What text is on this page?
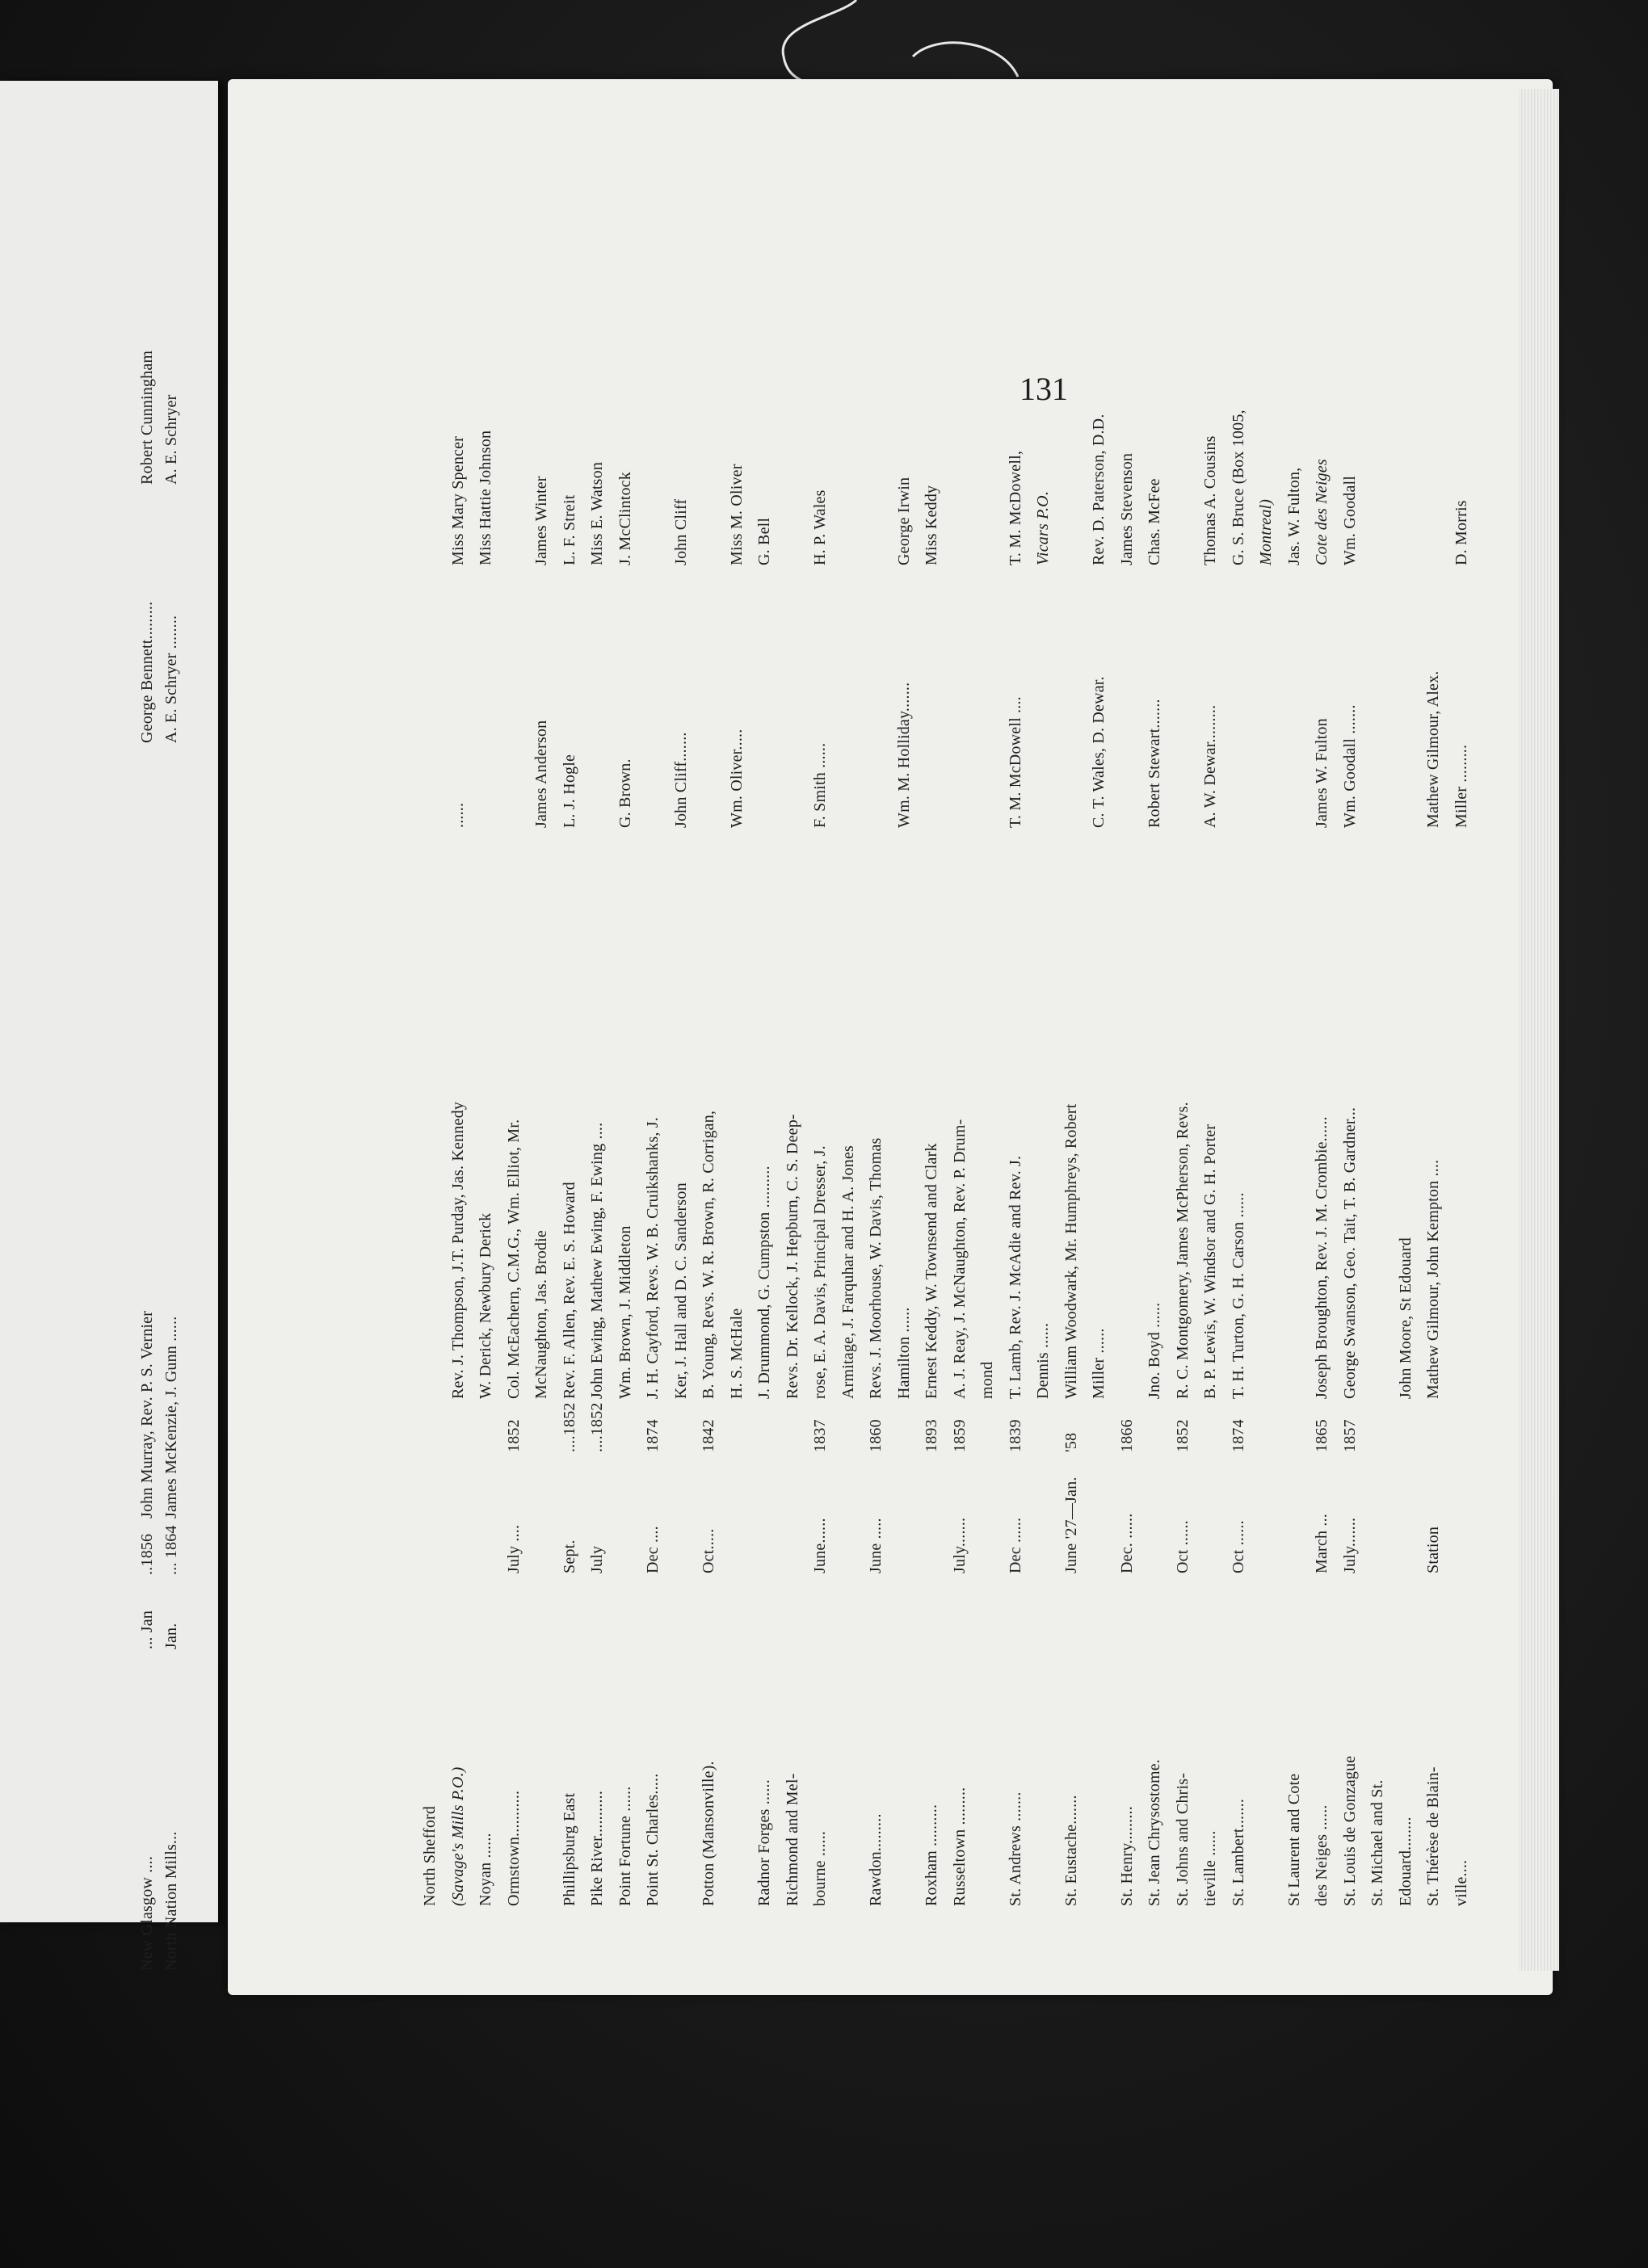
New Glasgow ....
... Jan
..1856
John Murray, Rev. P. S. Vernier
George Bennett.........
Robert Cunningham
North Nation Mills...
Jan.
... 1864
James McKenzie, J. Gunn ......
A. E. Schryer ........
A. E. Schryer
131
North Shefford (Savage's Mills P.O.)
Rev. J. Thompson, J.T. Purday, Jas. Kennedy
......
Miss Mary Spencer
Noyan ......
W. Derick, Newbury Derick
Miss Hattie Johnson
Ormstown...........
July ....
1852
Col. McEachern, C.M.G., Wm. Elliot, Mr. McNaughton, Jas. Brodie
James Anderson
James Winter
Phillipsburg East
Sept.
....1852
Rev. F. Allen, Rev. E. S. Howard
L. J. Hogle
L. F. Streit
Pike River...........
July
....1852
John Ewing, Mathew Ewing, F. Ewing ....
Miss E. Watson
Point Fortune ......
Wm. Brown, J. Middleton
G. Brown.
J. McClintock
Point St. Charles.....
Dec ....
1874
J. H. Cayford, Revs. W. B. Cruikshanks, J. Ker, J. Hall and D. C. Sanderson
John Cliff.......
John Cliff
Potton (Mansonville).
Oct.....
1842
B. Young, Revs. W. R. Brown, R. Corrigan, H. S. McHale
Wm. Oliver.....
Miss M. Oliver
Radnor Forges ......
J. Drummond, G. Cumpston ..........
G. Bell
Richmond and Mel-
Revs. Dr. Kellock, J. Hepburn, C. S. Deep-
bourne ......
June......
1837
rose, E. A. Davis, Principal Dresser, J.
F. Smith ......
H. P. Wales
Armitage, J. Farquhar and H. A. Jones
Rawdon.........
June .....
1860
Revs. J. Moorhouse, W. Davis, Thomas Hamilton ......
Wm. M. Holliday.......
George Irwin
Roxham ..........
1893
Ernest Keddy, W. Townsend and Clark
Miss Keddy
Russeltown .........
July.......
1859
A. J. Reay, J. McNaughton, Rev. P. Drum- mond
St. Andrews .......
Dec ......
1839
T. Lamb, Rev. J. McAdie and Rev. J.
T. M. McDowell ....
T. M. McDowell,
Dennis ......
Vicars P.O.
St. Eustache.......
June '27—Jan.
'58
William Woodwark, Mr. Humphreys, Robert Miller ......
C. T. Wales, D. Dewar.
Rev. D. Paterson, D.D.
St. Henry.........
Dec. ......
1866
James Stevenson
St. Jean Chrysostome.
Jno. Boyd ......
Robert Stewart.......
Chas. McFee
St. Johns and Chris-
Oct ......
1852
R. C. Montgomery, James McPherson, Revs.
tieville ......
B. P. Lewis, W. Windsor and G. H. Porter
A. W. Dewar.........
Thomas A. Cousins
St. Lambert.......
Oct ......
1874
T. H. Turton, G. H. Carson ......
G. S. Bruce (Box 1005, Montreal)
St Laurent and Cote
Jas. W. Fulton,
des Neiges ......
March ...
1865
Joseph Broughton, Rev. J. M. Crombie......
James W. Fulton
Cote des Neiges
St. Louis de Gonzague
July.......
1857
George Swanson, Geo. Tait, T. B. Gardner...
Wm. Goodall .......
Wm. Goodall
St. Michael and St. Edouard........
John Moore, St Edouard
St. Thérèse de Blain-
Station
Mathew Gilmour, John Kempton ....
Mathew Gilmour, Alex.
ville....
Miller .........
D. Morris
